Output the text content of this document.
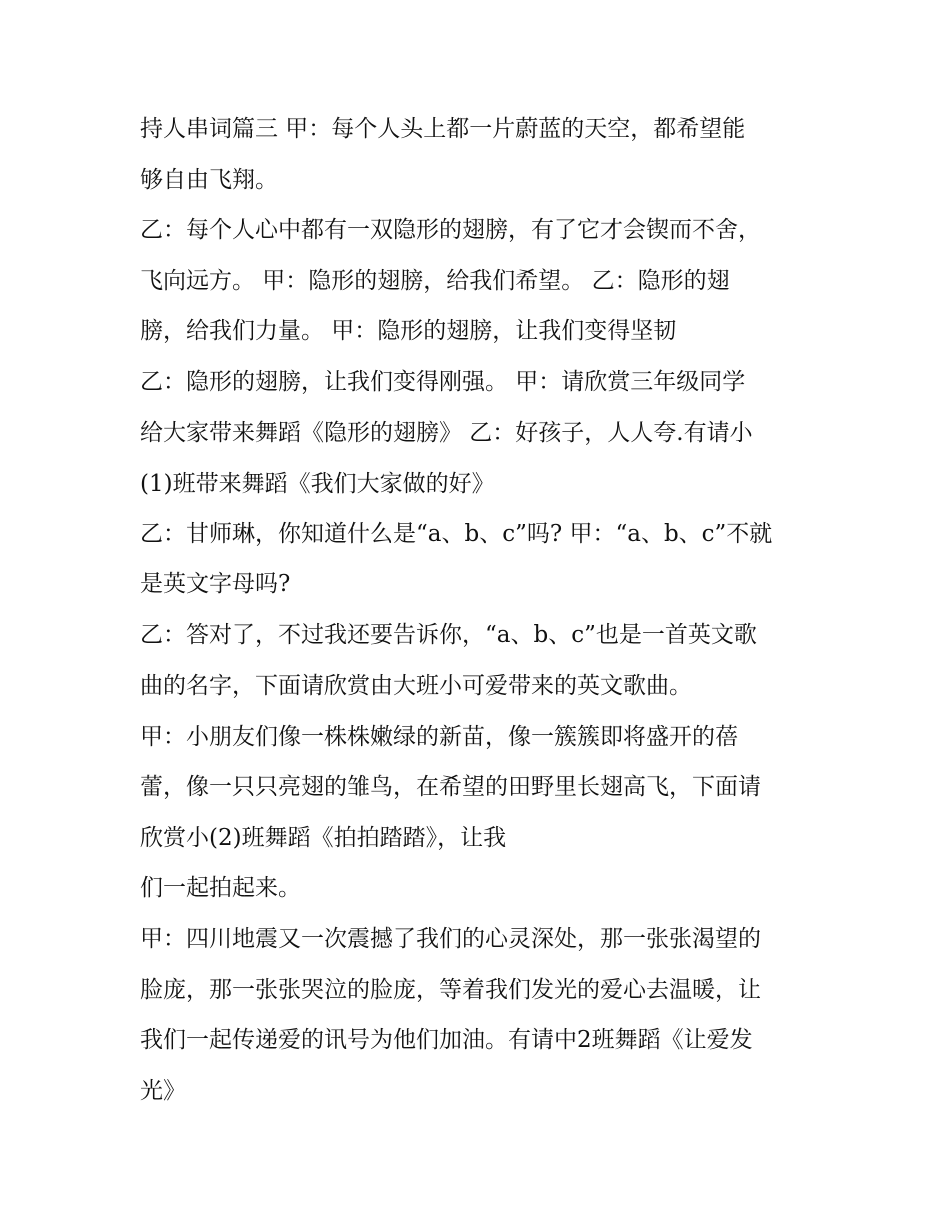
持人串词篇三 甲：每个人头上都一片蔚蓝的天空，都希望能

够自由飞翔。

乙：每个人心中都有一双隐形的翅膀，有了它才会锲而不舍，

飞向远方。 甲：隐形的翅膀，给我们希望。 乙：隐形的翅

膀，给我们力量。 甲：隐形的翅膀，让我们变得坚韧

乙：隐形的翅膀，让我们变得刚强。 甲：请欣赏三年级同学

给大家带来舞蹈《隐形的翅膀》 乙：好孩子，人人夸.有请小

(1)班带来舞蹈《我们大家做的好》

乙：甘师琳，你知道什么是“a、b、c”吗? 甲：“a、b、c”不就

是英文字母吗?

乙：答对了，不过我还要告诉你，“a、b、c”也是一首英文歌

曲的名字，下面请欣赏由大班小可爱带来的英文歌曲。

甲：小朋友们像一株株嫩绿的新苗，像一簇簇即将盛开的蓓

蕾，像一只只亮翅的雏鸟，在希望的田野里长翅高飞，下面请

欣赏小(2)班舞蹈《拍拍踏踏》，让我

们一起拍起来。

甲：四川地震又一次震撼了我们的心灵深处，那一张张渴望的

脸庞，那一张张哭泣的脸庞，等着我们发光的爱心去温暖，让

我们一起传递爱的讯号为他们加油。有请中2班舞蹈《让爱发

光》
